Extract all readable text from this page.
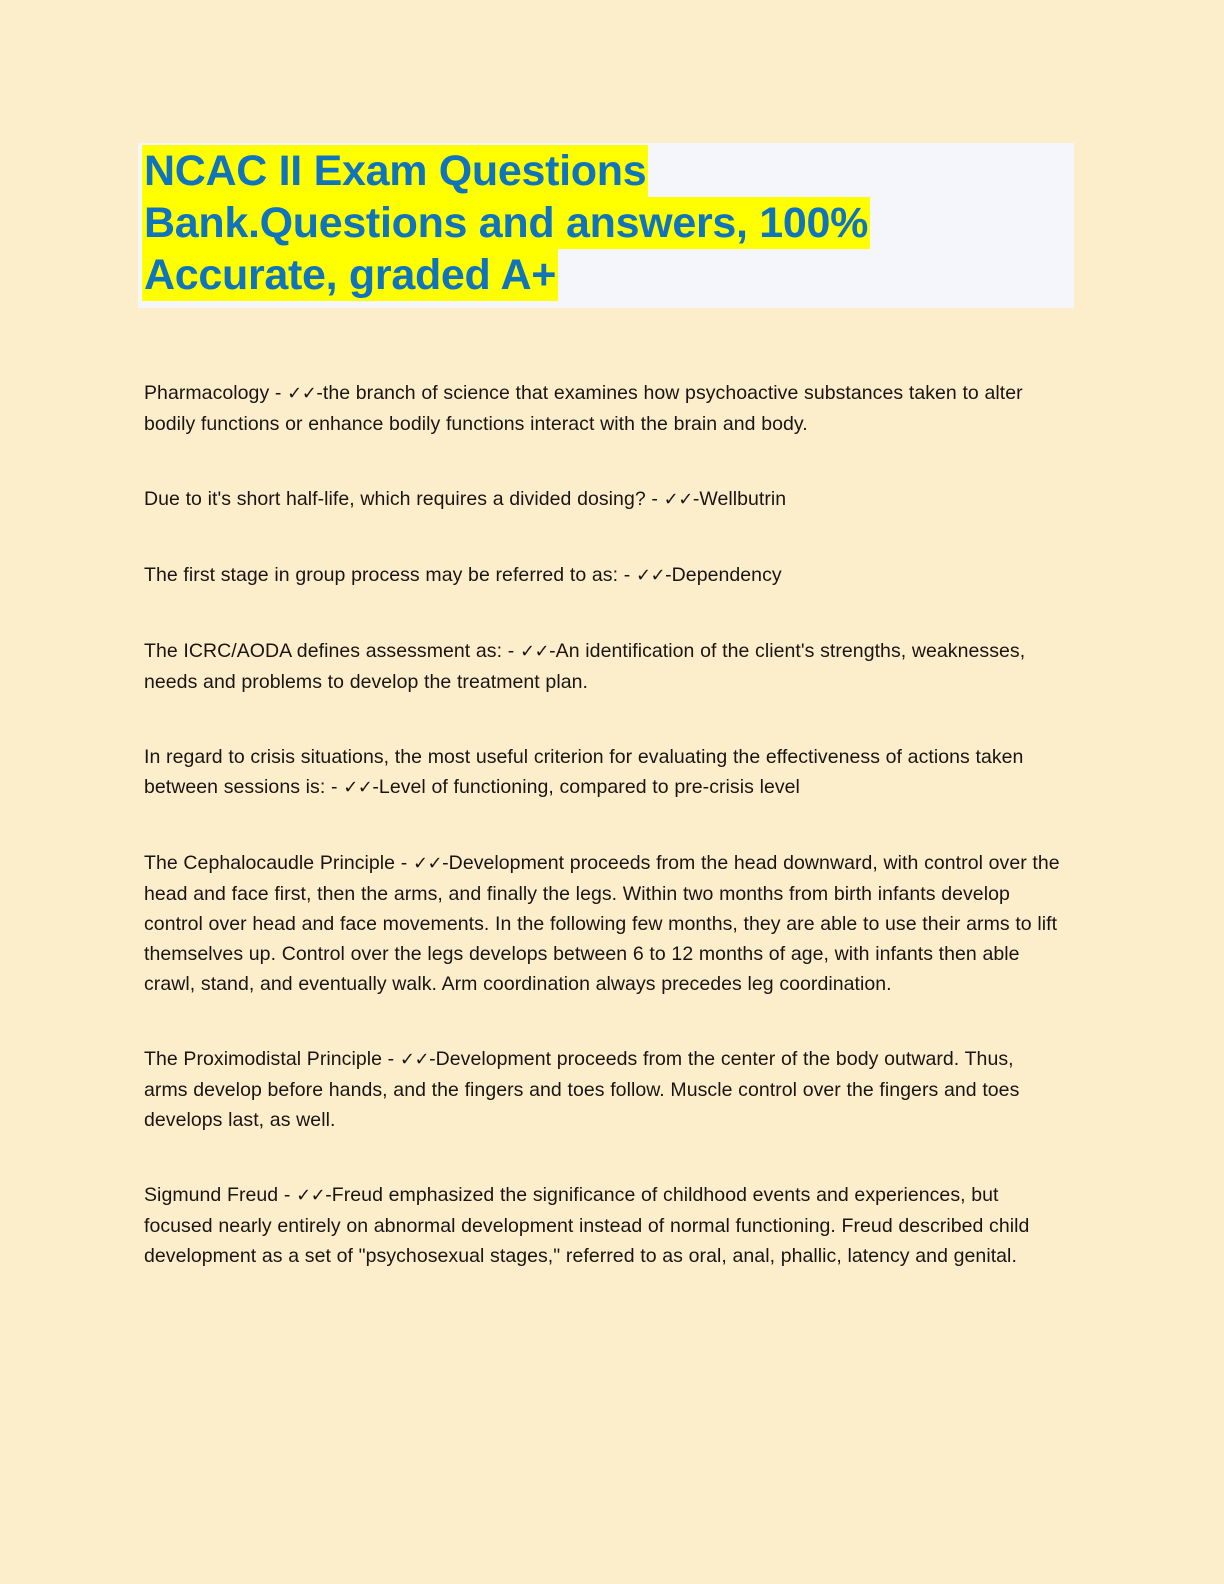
NCAC II Exam Questions
Bank.Questions and answers, 100%
Accurate, graded A+

Pharmacology - ✓✓-the branch of science that examines how psychoactive substances taken to alter bodily functions or enhance bodily functions interact with the brain and body.

Due to it's short half-life, which requires a divided dosing? - ✓✓-Wellbutrin

The first stage in group process may be referred to as: - ✓✓-Dependency

The ICRC/AODA defines assessment as: - ✓✓-An identification of the client's strengths, weaknesses, needs and problems to develop the treatment plan.

In regard to crisis situations, the most useful criterion for evaluating the effectiveness of actions taken between sessions is: - ✓✓-Level of functioning, compared to pre-crisis level

The Cephalocaudle Principle - ✓✓-Development proceeds from the head downward, with control over the head and face first, then the arms, and finally the legs. Within two months from birth infants develop control over head and face movements. In the following few months, they are able to use their arms to lift themselves up. Control over the legs develops between 6 to 12 months of age, with infants then able crawl, stand, and eventually walk. Arm coordination always precedes leg coordination.

The Proximodistal Principle - ✓✓-Development proceeds from the center of the body outward. Thus, arms develop before hands, and the fingers and toes follow. Muscle control over the fingers and toes develops last, as well.

Sigmund Freud - ✓✓-Freud emphasized the significance of childhood events and experiences, but focused nearly entirely on abnormal development instead of normal functioning. Freud described child development as a set of "psychosexual stages," referred to as oral, anal, phallic, latency and genital.
